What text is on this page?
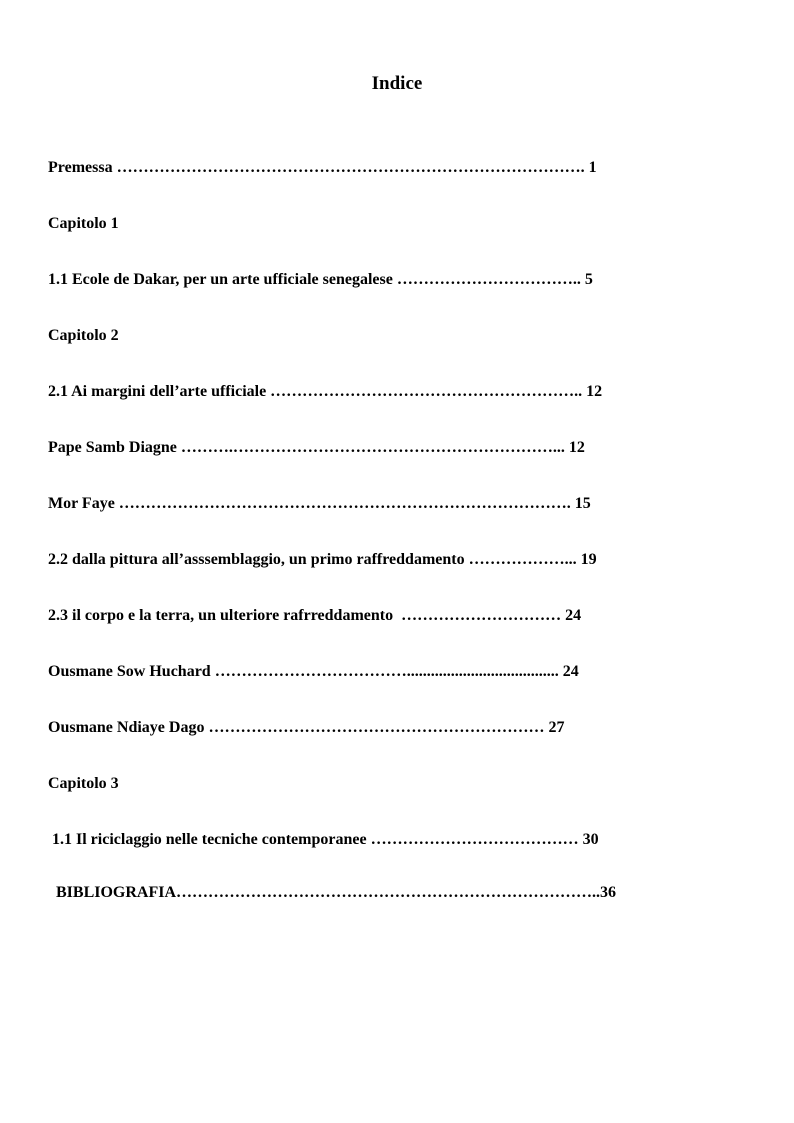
Indice
Premessa ……………………………………………………………………………. 1
Capitolo 1
1.1 Ecole de Dakar, per un arte ufficiale senegalese …………………………….. 5
Capitolo 2
2.1 Ai margini dell’arte ufficiale ………………………………………………….. 12
Pape Samb Diagne ……….……………………………………………………... 12
Mor Faye …………………………………………………………………………. 15
2.2 dalla pittura all’asssemblaggio, un primo raffreddamento ………………... 19
2.3 il corpo e la terra, un ulteriore rafrreddamento  ………………………… 24
Ousmane Sow Huchard ………………………………...................................... 24
Ousmane Ndiaye Dago ……………………………………………………… 27
Capitolo 3
1.1 Il riciclaggio nelle tecniche contemporanee ………………………………… 30
BIBLIOGRAFIA……………………………………………………………………..36
